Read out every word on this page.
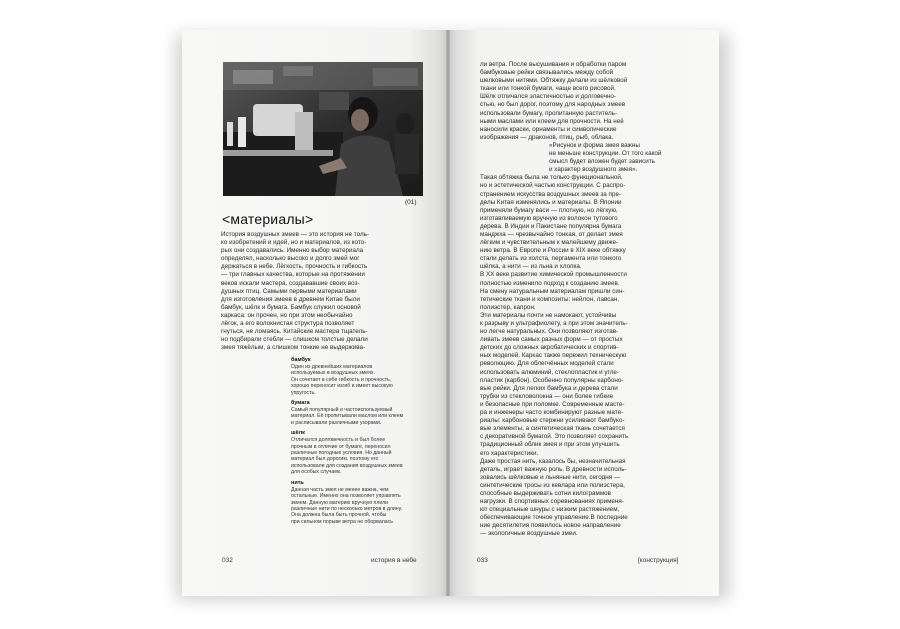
(01)
<материалы>
История воздушных змеев — это история не толь-
ко изобретений и идей, но и материалов, из кото-
рых они создавались. Именно выбор материала
определял, насколько высоко и долго змей мог
держаться в небе. Лёгкость, прочность и гибкость
— три главных качества, которые на протяжении
веков искали мастера, создававшие своих воз-
душных птиц. Самыми первыми материалами
для изготовления змеев в древнем Китае были
бамбук, шёлк и бумага. Бамбук служил основой
каркаса: он прочен, но при этом необычайно
лёгок, а его волокнистая структура позволяет
гнуться, не ломаясь. Китайские мастера тщатель-
но подбирали стебли — слишком толстые делали
змея тяжёлым, а слишком тонкие не выдержива-
бамбук
Один из древнейших материалов
используемых в воздушных змеях.
Он сочетает в себе гибкость и прочность,
хорошо переносит изгиб и имеет высокую
упругость.
бумага
Самый популярный и частоиспользуемый
материал. Её пропитывали маслом или клеем
и расписывали различными узорами.
шёлк
Отличался долговечность и был более
прочным в отличие от бумаге, переносил
различные погодные условия. Но данный
материал был дорогим, поэтому его
использовали для создания воздушных змеев
для особых случаев.
нить
Данная часть змея не менее важна, чем
остальные. Именно она позволяет управлять
змеем. Данную материю вручную плели
различные нити по несколько метров в длину.
Она должна была быть прочной, чтобы
при сильном порыве ветра не оборвалась
032	история в небе
ли ветра. После высушивания и обработки паром
бамбуковые рейки связывались между собой
шелковыми нитями. Обтяжку делали из шёлковой
ткани или тонкой бумаги, чаще всего рисовой.
Шёлк отличался эластичностью и долговечно-
стью, но был дорог, поэтому для народных змеев
использовали бумагу, пропитанную раститель-
ными маслами или клеем для прочности. На неё
наносили краски, орнаменты и символические
изображения — драконов, птиц, рыб, облака.
«Рисунок и форма змея важны
не меньше конструкции. От того какой
смысл будет вложен будет зависить
и характер воздушного змея».
Такая обтяжка была не только функциональной,
но и эстетической частью конструкции. С распро-
странением искусства воздушных змеев за пре-
делы Китая изменялись и материалы. В Японии
применяли бумагу васи — плотную, но лёгкую,
изготавливаемую вручную из волокон тутового
дерева. В Индии и Пакистане популярна бумага
манджха — чрезвычайно тонкая, от делает змея
лёгким и чувствительным к малейшему движе-
нию ветра. В Европе и России в XIX веке обтяжку
стали делать из холста, пергамента или тонкого
шёлка, а нити — из льна и хлопка.
В XX веке развитие химической промышленности
полностью изменило подход к созданию змеев.
На смену натуральным материалам пришли син-
тетические ткани и композиты: нейлон, лавсан,
полиэстер, капрон.
Эти материалы почти не намокают, устойчивы
к разрыву и ультрафиолету, а при этом значитель-
но легче натуральных. Они позволяют изготав-
ливать змеев самых разных форм — от простых
детских до сложных акробатических и спортив-
ных моделей. Каркас также пережил техническую
революцию. Для облегчённых моделей стали
использовать алюминий, стеклопластик и угле-
пластик (карбон). Особенно популярны карбоно-
вые рейки. Для легких бамбука и дерева стали
трубки из стекловолокна — они более гибкие
и безопасные при поломке. Современные масте-
ра и инженеры часто комбинируют разные мате-
риалы: карбоновые стержни усиливают бамбуко-
вые элементы, а синтетическая ткань сочетается
с декоративной бумагой. Это позволяет сохранить
традиционный облик змея и при этом улучшить
его характеристики.
Даже простая нить, казалось бы, незначительная
деталь, играет важную роль. В древности исполь-
зовались шёлковые и льняные нити, сегодня —
синтетические тросы из кевлара или полиэстера,
способные выдерживать сотни килограммов
нагрузки. В спортивных соревнованиях применя-
ют специальные шнуры с низким растяжением,
обеспечивающие точное управление.В последние
ние десятилетия появилось новое направление
— экологичные воздушные змеи.
033	[конструкция]
